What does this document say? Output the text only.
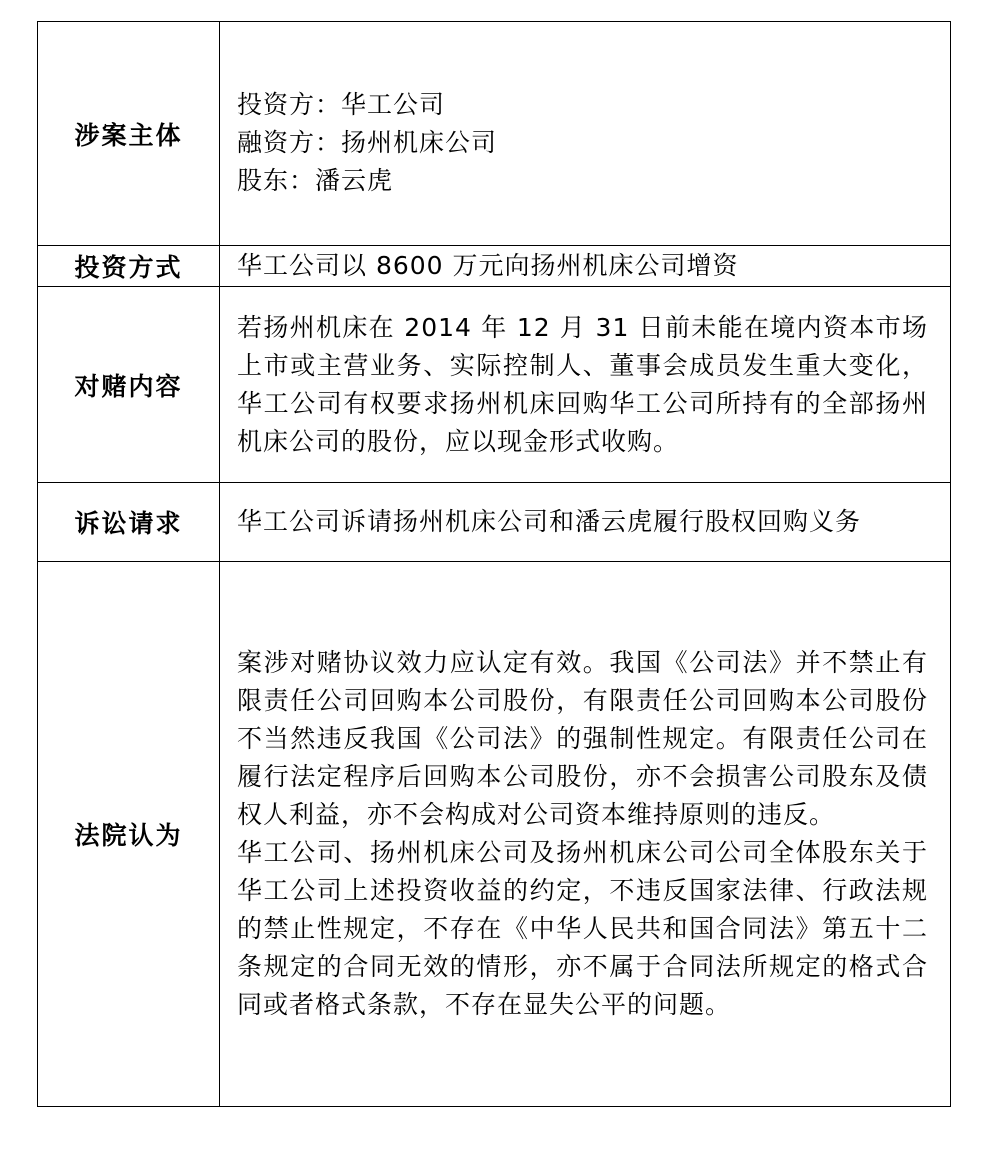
涉案主体	投资方：华工公司
融资方：扬州机床公司
股东：潘云虎

投资方式	华工公司以 8600 万元向扬州机床公司增资

对赌内容	若扬州机床在 2014 年 12 月 31 日前未能在境内资本市场上市或主营业务、实际控制人、董事会成员发生重大变化，华工公司有权要求扬州机床回购华工公司所持有的全部扬州机床公司的股份，应以现金形式收购。

诉讼请求	华工公司诉请扬州机床公司和潘云虎履行股权回购义务

法院认为	案涉对赌协议效力应认定有效。我国《公司法》并不禁止有限责任公司回购本公司股份，有限责任公司回购本公司股份不当然违反我国《公司法》的强制性规定。有限责任公司在履行法定程序后回购本公司股份，亦不会损害公司股东及债权人利益，亦不会构成对公司资本维持原则的违反。
华工公司、扬州机床公司及扬州机床公司公司全体股东关于华工公司上述投资收益的约定，不违反国家法律、行政法规的禁止性规定，不存在《中华人民共和国合同法》第五十二条规定的合同无效的情形，亦不属于合同法所规定的格式合同或者格式条款，不存在显失公平的问题。
